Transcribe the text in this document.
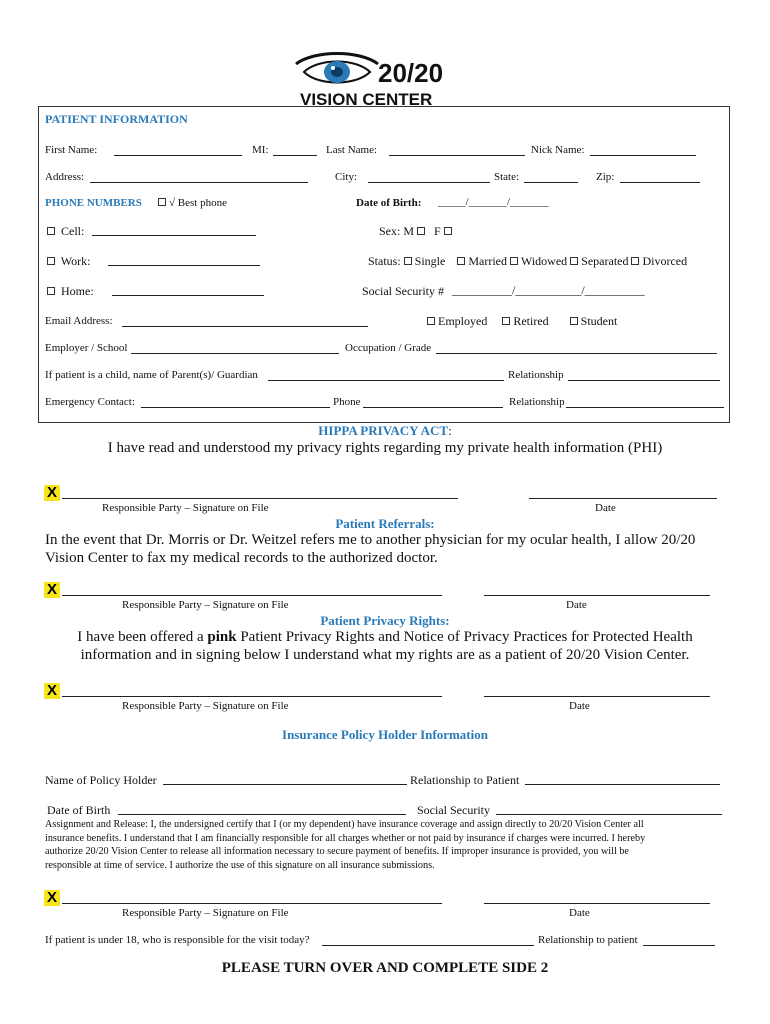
20/20
VISION CENTER
PATIENT INFORMATION
First Name:	MI:	Last Name:	Nick Name:
Address:	City:	State:	Zip:
PHONE NUMBERS	√ Best phone	Date of Birth: _____/_______/_______
Cell:	Sex: M F
Work:	Status: Single Married Widowed Separated Divorced
Home:	Social Security # __________/___________/__________
Email Address:	Employed Retired	Student
Employer / School	Occupation / Grade
If patient is a child, name of Parent(s)/ Guardian	Relationship
Emergency Contact:	Phone	Relationship
HIPPA PRIVACY ACT:
I have read and understood my privacy rights regarding my private health information (PHI)
X
Responsible Party – Signature on File	Date
Patient Referrals:
In the event that Dr. Morris or Dr. Weitzel refers me to another physician for my ocular health, I allow 20/20
Vision Center to fax my medical records to the authorized doctor.
X
Responsible Party – Signature on File	Date
Patient Privacy Rights:
I have been offered a pink Patient Privacy Rights and Notice of Privacy Practices for Protected Health
information and in signing below I understand what my rights are as a patient of 20/20 Vision Center.
X
Responsible Party – Signature on File	Date
Insurance Policy Holder Information
Name of Policy Holder	Relationship to Patient
Date of Birth	Social Security
Assignment and Release: I, the undersigned certify that I (or my dependent) have insurance coverage and assign directly to 20/20 Vision Center all
insurance benefits. I understand that I am financially responsible for all charges whether or not paid by insurance if charges were incurred. I hereby
authorize 20/20 Vision Center to release all information necessary to secure payment of benefits. If improper insurance is provided, you will be
responsible at time of service. I authorize the use of this signature on all insurance submissions.
X
Responsible Party – Signature on File	Date
If patient is under 18, who is responsible for the visit today?	Relationship to patient
PLEASE TURN OVER AND COMPLETE SIDE 2
